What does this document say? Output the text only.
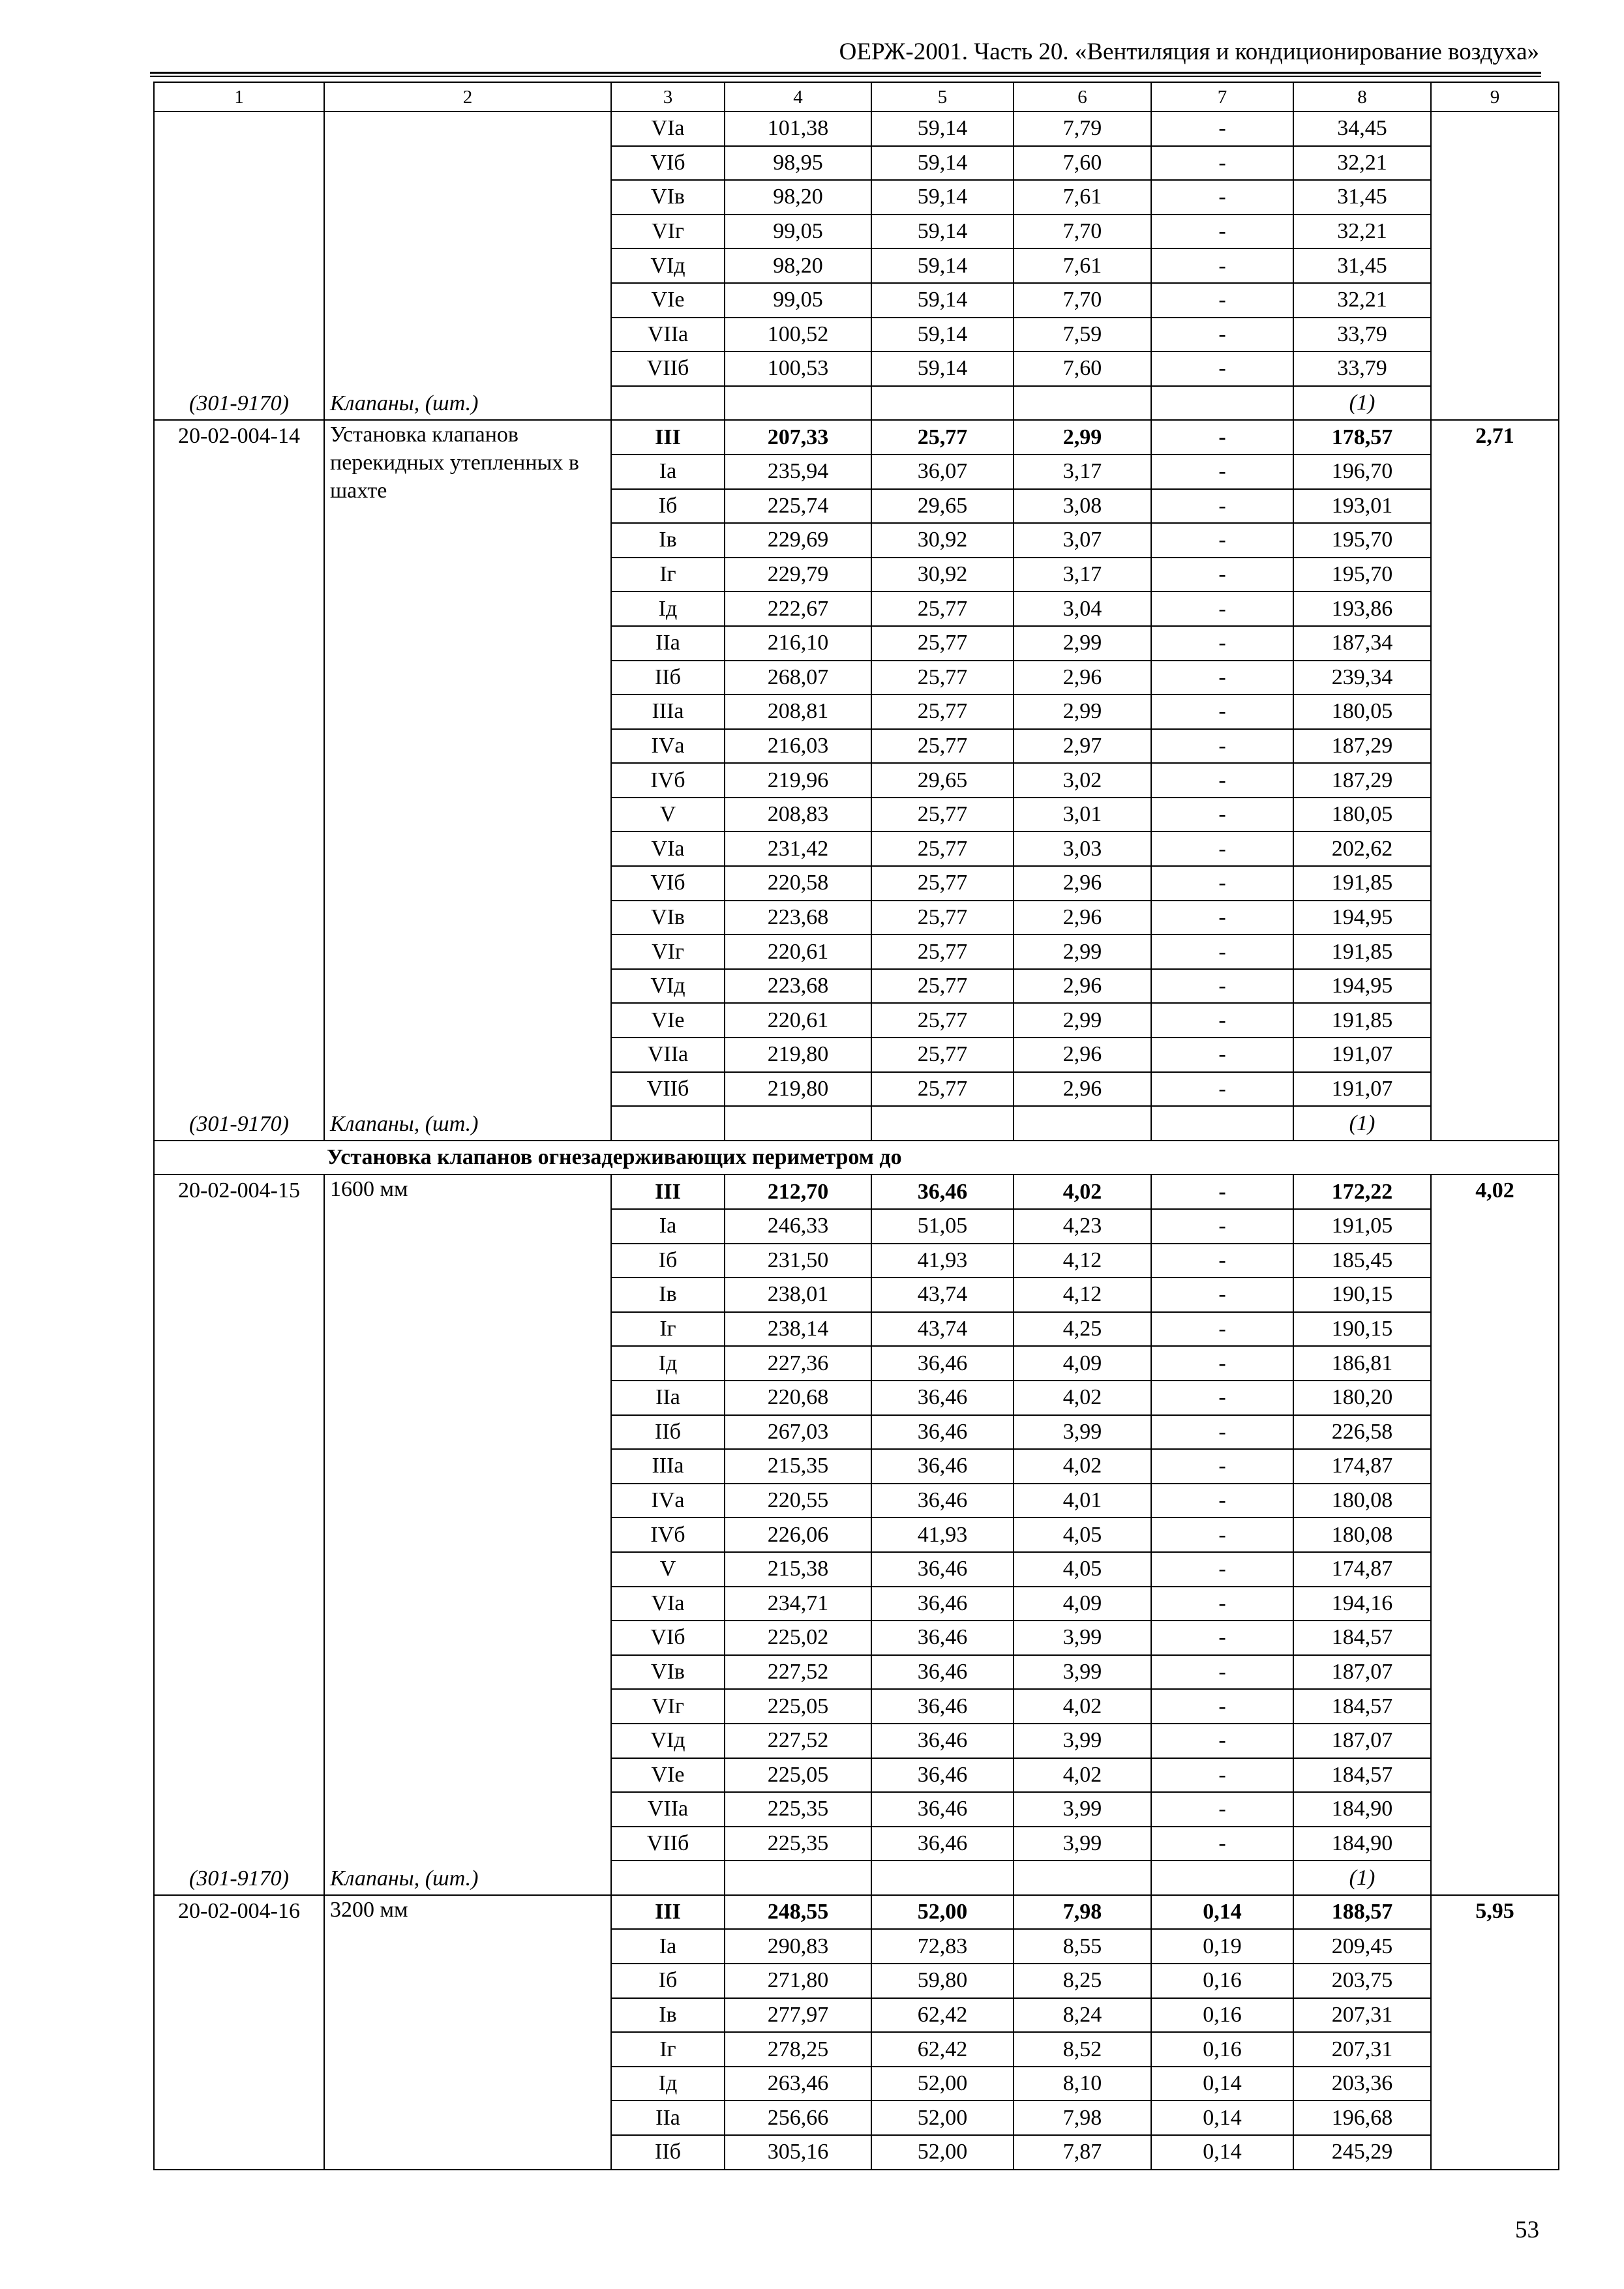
ОЕРЖ-2001. Часть 20. «Вентиляция и кондиционирование воздуха»
1	2	3	4	5	6	7	8	9
		VIа	101,38	59,14	7,79	-	34,45	
		VIб	98,95	59,14	7,60	-	32,21	
		VIв	98,20	59,14	7,61	-	31,45	
		VIг	99,05	59,14	7,70	-	32,21	
		VIд	98,20	59,14	7,61	-	31,45	
		VIе	99,05	59,14	7,70	-	32,21	
		VIIа	100,52	59,14	7,59	-	33,79	
		VIIб	100,53	59,14	7,60	-	33,79	
(301-9170)	Клапаны, (шт.)						(1)	
20-02-004-14	Установка клапанов перекидных утепленных в шахте	III	207,33	25,77	2,99	-	178,57	2,71
		Iа	235,94	36,07	3,17	-	196,70	
		Iб	225,74	29,65	3,08	-	193,01	
		Iв	229,69	30,92	3,07	-	195,70	
		Iг	229,79	30,92	3,17	-	195,70	
		Iд	222,67	25,77	3,04	-	193,86	
		IIа	216,10	25,77	2,99	-	187,34	
		IIб	268,07	25,77	2,96	-	239,34	
		IIIа	208,81	25,77	2,99	-	180,05	
		IVа	216,03	25,77	2,97	-	187,29	
		IVб	219,96	29,65	3,02	-	187,29	
		V	208,83	25,77	3,01	-	180,05	
		VIа	231,42	25,77	3,03	-	202,62	
		VIб	220,58	25,77	2,96	-	191,85	
		VIв	223,68	25,77	2,96	-	194,95	
		VIг	220,61	25,77	2,99	-	191,85	
		VIд	223,68	25,77	2,96	-	194,95	
		VIе	220,61	25,77	2,99	-	191,85	
		VIIа	219,80	25,77	2,96	-	191,07	
		VIIб	219,80	25,77	2,96	-	191,07	
(301-9170)	Клапаны, (шт.)						(1)	
Установка клапанов огнезадерживающих периметром до								
20-02-004-15	1600 мм	III	212,70	36,46	4,02	-	172,22	4,02
		Iа	246,33	51,05	4,23	-	191,05	
		Iб	231,50	41,93	4,12	-	185,45	
		Iв	238,01	43,74	4,12	-	190,15	
		Iг	238,14	43,74	4,25	-	190,15	
		Iд	227,36	36,46	4,09	-	186,81	
		IIа	220,68	36,46	4,02	-	180,20	
		IIб	267,03	36,46	3,99	-	226,58	
		IIIа	215,35	36,46	4,02	-	174,87	
		IVа	220,55	36,46	4,01	-	180,08	
		IVб	226,06	41,93	4,05	-	180,08	
		V	215,38	36,46	4,05	-	174,87	
		VIа	234,71	36,46	4,09	-	194,16	
		VIб	225,02	36,46	3,99	-	184,57	
		VIв	227,52	36,46	3,99	-	187,07	
		VIг	225,05	36,46	4,02	-	184,57	
		VIд	227,52	36,46	3,99	-	187,07	
		VIе	225,05	36,46	4,02	-	184,57	
		VIIа	225,35	36,46	3,99	-	184,90	
		VIIб	225,35	36,46	3,99	-	184,90	
(301-9170)	Клапаны, (шт.)						(1)	
20-02-004-16	3200 мм	III	248,55	52,00	7,98	0,14	188,57	5,95
		Iа	290,83	72,83	8,55	0,19	209,45	
		Iб	271,80	59,80	8,25	0,16	203,75	
		Iв	277,97	62,42	8,24	0,16	207,31	
		Iг	278,25	62,42	8,52	0,16	207,31	
		Iд	263,46	52,00	8,10	0,14	203,36	
		IIа	256,66	52,00	7,98	0,14	196,68	
		IIб	305,16	52,00	7,87	0,14	245,29	
53
